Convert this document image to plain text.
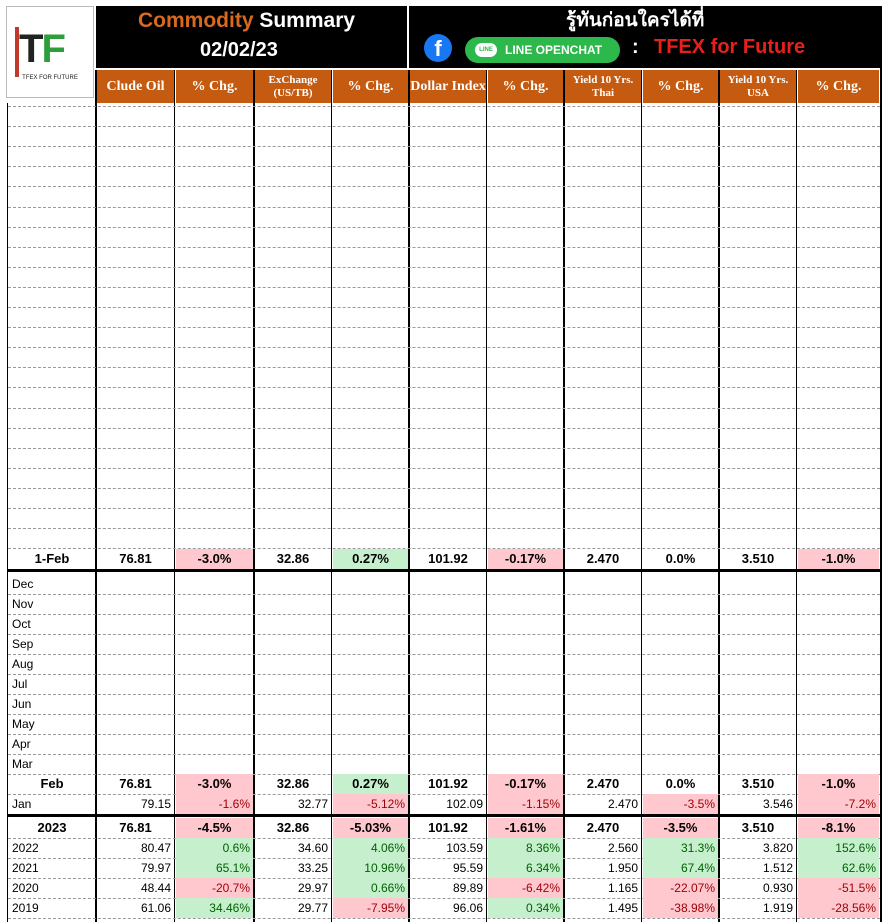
TF
TFEX FOR FUTURE
Commodity Summary
02/02/23
รู้ทันก่อนใครได้ที่
f	LINE	LINE OPENCHAT	: TFEX for Future
Clude Oil	% Chg.	ExChange (US/TB)	% Chg.	Dollar Index	% Chg.	Yield 10 Yrs. Thai	% Chg.	Yield 10 Yrs. USA	% Chg.
1-Feb	76.81	-3.0%	32.86	0.27%	101.92	-0.17%	2.470	0.0%	3.510	-1.0%
Dec
Nov
Oct
Sep
Aug
Jul
Jun
May
Apr
Mar
Feb	76.81	-3.0%	32.86	0.27%	101.92	-0.17%	2.470	0.0%	3.510	-1.0%
Jan	79.15	-1.6%	32.77	-5.12%	102.09	-1.15%	2.470	-3.5%	3.546	-7.2%
2023	76.81	-4.5%	32.86	-5.03%	101.92	-1.61%	2.470	-3.5%	3.510	-8.1%
2022	80.47	0.6%	34.60	4.06%	103.59	8.36%	2.560	31.3%	3.820	152.6%
2021	79.97	65.1%	33.25	10.96%	95.59	6.34%	1.950	67.4%	1.512	62.6%
2020	48.44	-20.7%	29.97	0.66%	89.89	-6.42%	1.165	-22.07%	0.930	-51.5%
2019	61.06	34.46%	29.77	-7.95%	96.06	0.34%	1.495	-38.98%	1.919	-28.56%
